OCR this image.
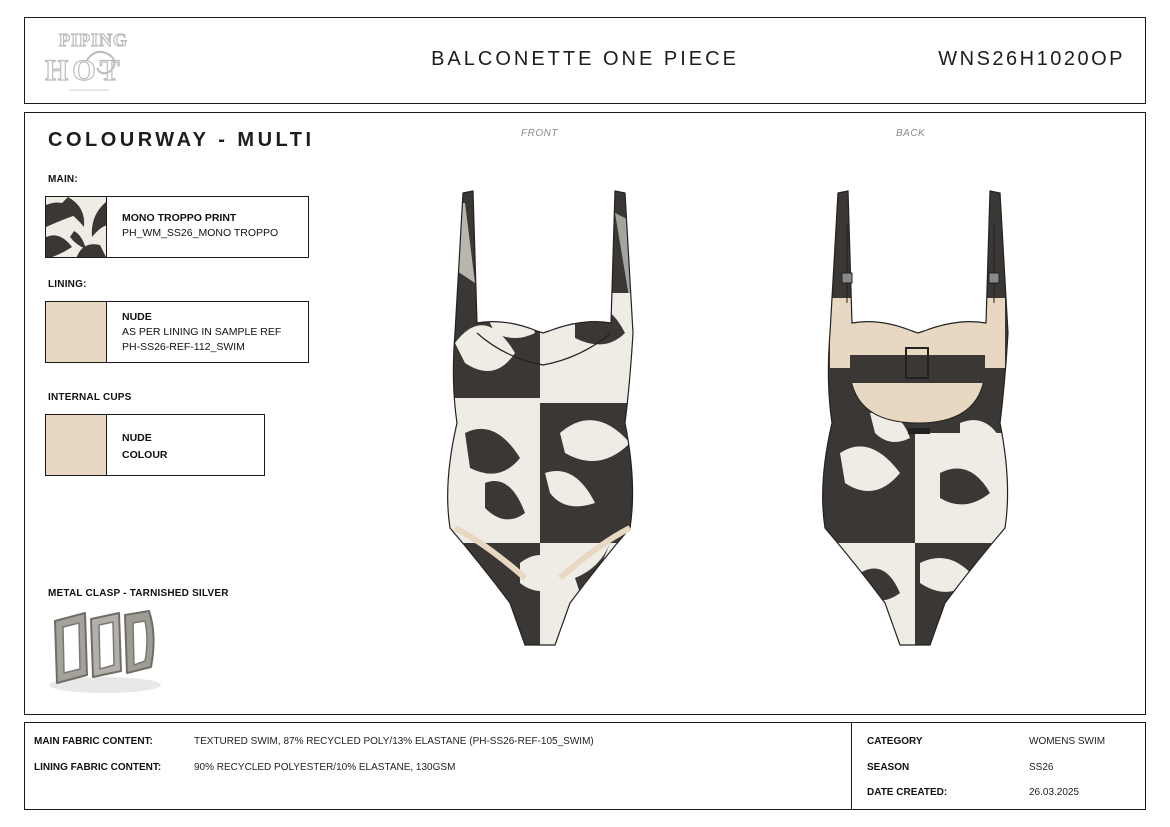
PIPING
HOT	BALCONETTE ONE PIECE	WNS26H1020OP
COLOURWAY - MULTI
MAIN:
MONO TROPPO PRINT
PH_WM_SS26_MONO TROPPO
LINING:
NUDE
AS PER LINING IN SAMPLE REF
PH-SS26-REF-112_SWIM
INTERNAL CUPS
NUDE
COLOUR
METAL CLASP - TARNISHED SILVER
FRONT	BACK
MAIN FABRIC CONTENT:	TEXTURED SWIM, 87% RECYCLED POLY/13% ELASTANE (PH-SS26-REF-105_SWIM)
LINING FABRIC CONTENT:	90% RECYCLED POLYESTER/10% ELASTANE, 130GSM
CATEGORY	WOMENS SWIM
SEASON	SS26
DATE CREATED:	26.03.2025
